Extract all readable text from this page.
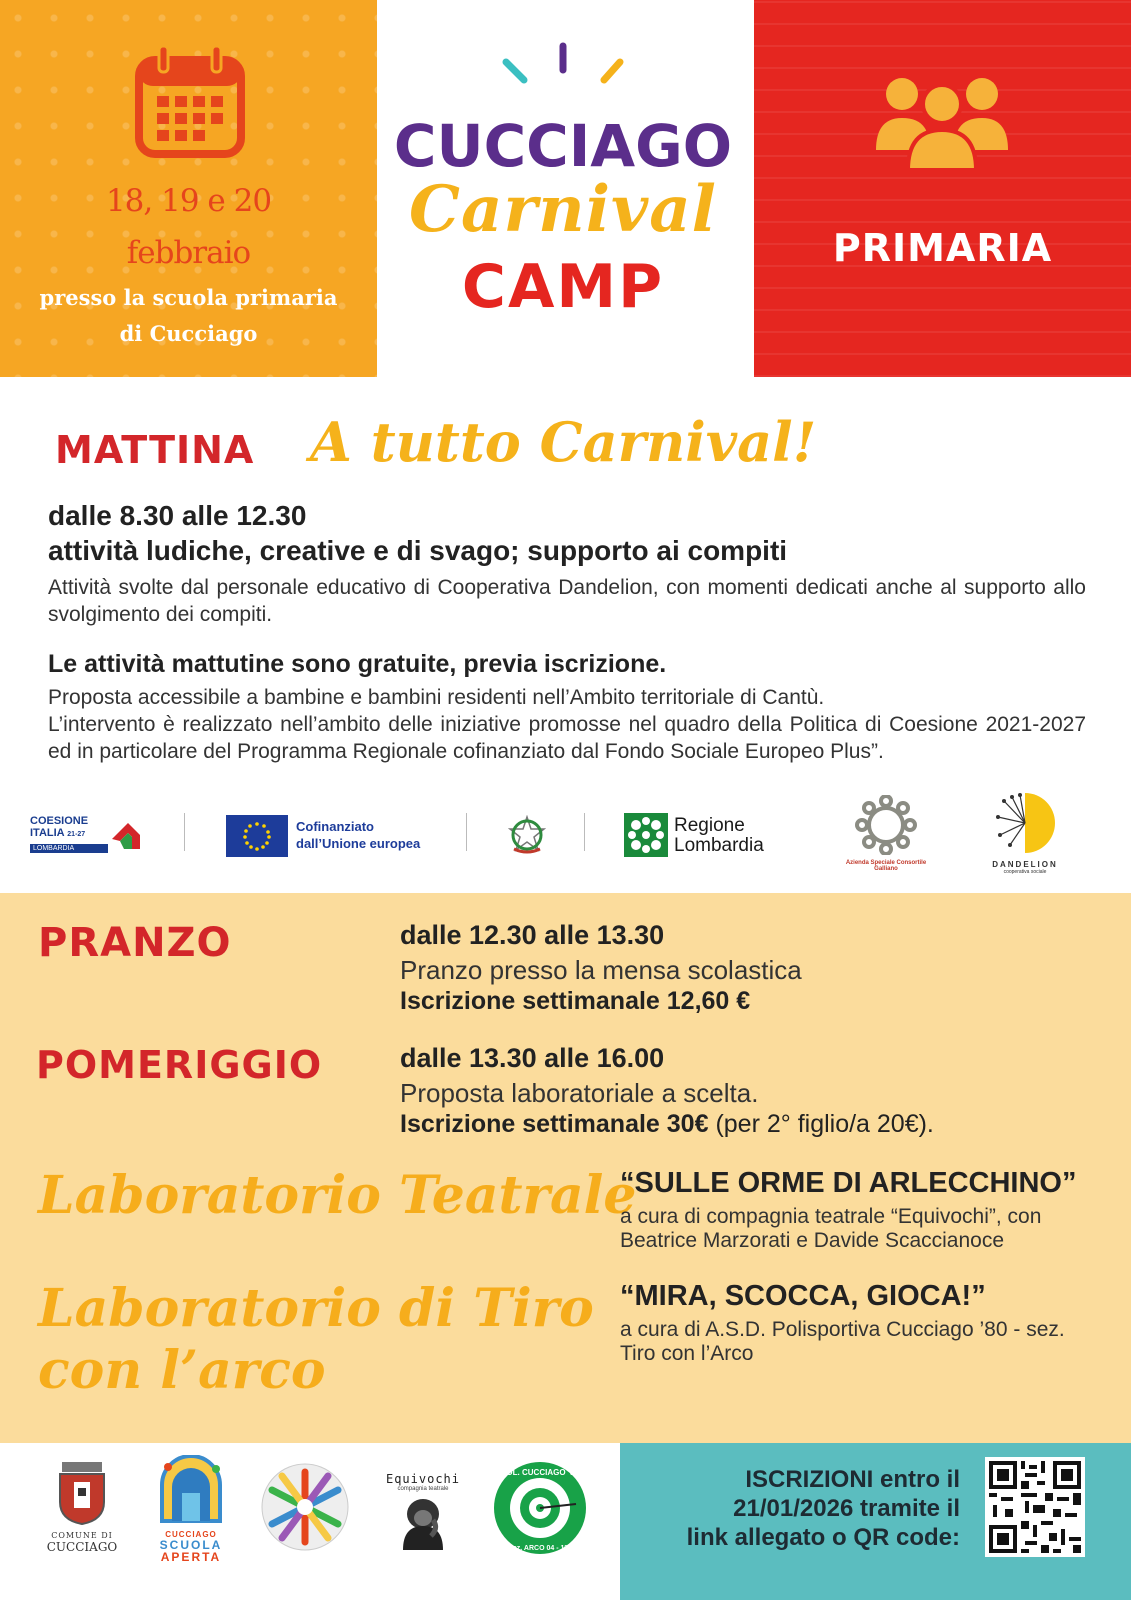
18, 19 e 20
febbraio
presso la scuola primaria
di Cucciago
CUCCIAGO
Carnival
CAMP
PRIMARIA
MATTINA A tutto Carnival!
dalle 8.30 alle 12.30
attività ludiche, creative e di svago; supporto ai compiti
Attività svolte dal personale educativo di Cooperativa Dandelion, con momenti dedicati anche al supporto allo svolgimento dei compiti.
Le attività mattutine sono gratuite, previa iscrizione.
Proposta accessibile a bambine e bambini residenti nell’Ambito territoriale di Cantù.
L’intervento è realizzato nell’ambito delle iniziative promosse nel quadro della Politica di Coesione 2021-2027 ed in particolare del Programma Regionale cofinanziato dal Fondo Sociale Europeo Plus”.
COESIONE
ITALIA 21-27
LOMBARDIA
Cofinanziato
dall’Unione europea
Regione
Lombardia
Azienda Speciale Consortile
Galliano	DANDELION
cooperativa sociale
PRANZO	dalle 12.30 alle 13.30
Pranzo presso la mensa scolastica
Iscrizione settimanale 12,60 €
POMERIGGIO	dalle 13.30 alle 16.00
Proposta laboratoriale a scelta.
Iscrizione settimanale 30€ (per 2° figlio/a 20€).
Laboratorio Teatrale
“SULLE ORME DI ARLECCHINO”
a cura di compagnia teatrale “Equivochi”, con
Beatrice Marzorati e Davide Scaccianoce
Laboratorio di Tiro
con l’arco
“MIRA, SCOCCA, GIOCA!”
a cura di A.S.D. Polisportiva Cucciago ’80 - sez.
Tiro con l’Arco
COMUNE DI
CUCCIAGO
CUCCIAGO
SCUOLA
APERTA
Equivochi
compagnia teatrale
POL. CUCCIAGO ’80
Sez. ARCO 04 - 115
ISCRIZIONI entro il
21/01/2026 tramite il
link allegato o QR code:
